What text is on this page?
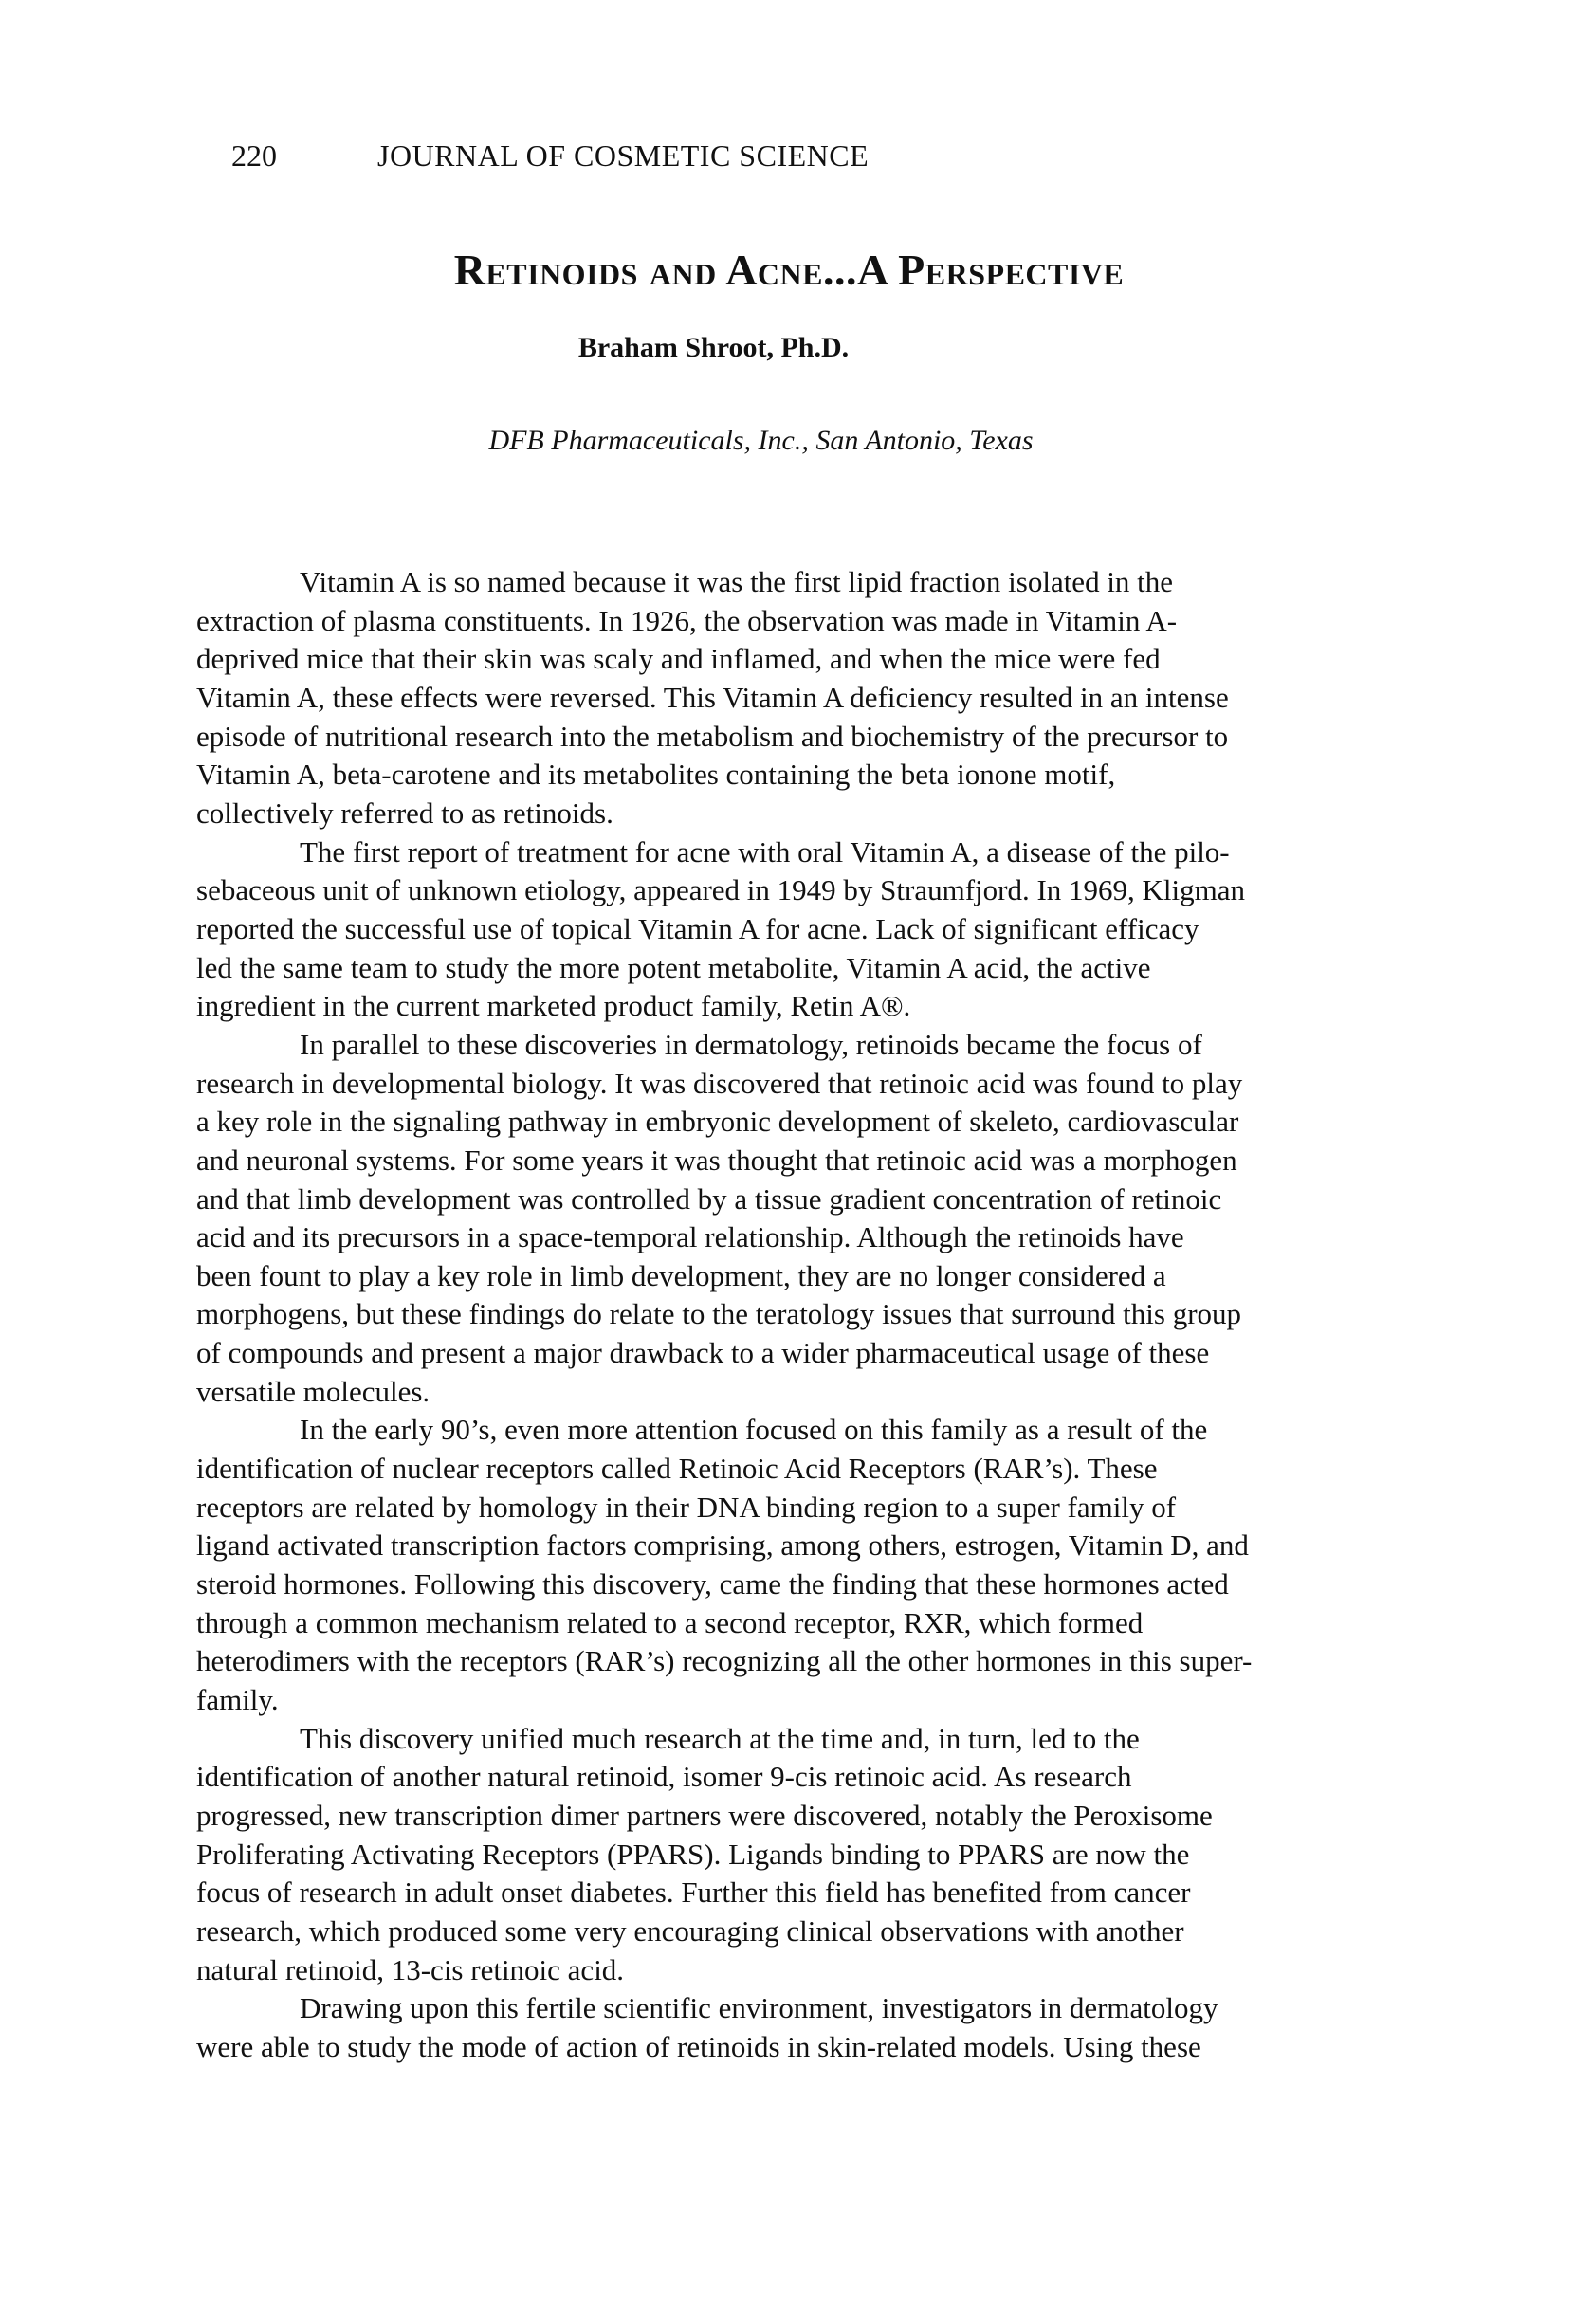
220	JOURNAL OF COSMETIC SCIENCE
Retinoids and Acne...A Perspective
Braham Shroot, Ph.D.
DFB Pharmaceuticals, Inc., San Antonio, Texas
Vitamin A is so named because it was the first lipid fraction isolated in the
extraction of plasma constituents. In 1926, the observation was made in Vitamin A-
deprived mice that their skin was scaly and inflamed, and when the mice were fed
Vitamin A, these effects were reversed. This Vitamin A deficiency resulted in an intense
episode of nutritional research into the metabolism and biochemistry of the precursor to
Vitamin A, beta-carotene and its metabolites containing the beta ionone motif,
collectively referred to as retinoids.
The first report of treatment for acne with oral Vitamin A, a disease of the pilo-
sebaceous unit of unknown etiology, appeared in 1949 by Straumfjord. In 1969, Kligman
reported the successful use of topical Vitamin A for acne. Lack of significant efficacy
led the same team to study the more potent metabolite, Vitamin A acid, the active
ingredient in the current marketed product family, Retin A®.
In parallel to these discoveries in dermatology, retinoids became the focus of
research in developmental biology. It was discovered that retinoic acid was found to play
a key role in the signaling pathway in embryonic development of skeleto, cardiovascular
and neuronal systems. For some years it was thought that retinoic acid was a morphogen
and that limb development was controlled by a tissue gradient concentration of retinoic
acid and its precursors in a space-temporal relationship. Although the retinoids have
been fount to play a key role in limb development, they are no longer considered a
morphogens, but these findings do relate to the teratology issues that surround this group
of compounds and present a major drawback to a wider pharmaceutical usage of these
versatile molecules.
In the early 90’s, even more attention focused on this family as a result of the
identification of nuclear receptors called Retinoic Acid Receptors (RAR’s). These
receptors are related by homology in their DNA binding region to a super family of
ligand activated transcription factors comprising, among others, estrogen, Vitamin D, and
steroid hormones. Following this discovery, came the finding that these hormones acted
through a common mechanism related to a second receptor, RXR, which formed
heterodimers with the receptors (RAR’s) recognizing all the other hormones in this super-
family.
This discovery unified much research at the time and, in turn, led to the
identification of another natural retinoid, isomer 9-cis retinoic acid. As research
progressed, new transcription dimer partners were discovered, notably the Peroxisome
Proliferating Activating Receptors (PPARS). Ligands binding to PPARS are now the
focus of research in adult onset diabetes. Further this field has benefited from cancer
research, which produced some very encouraging clinical observations with another
natural retinoid, 13-cis retinoic acid.
Drawing upon this fertile scientific environment, investigators in dermatology
were able to study the mode of action of retinoids in skin-related models. Using these
